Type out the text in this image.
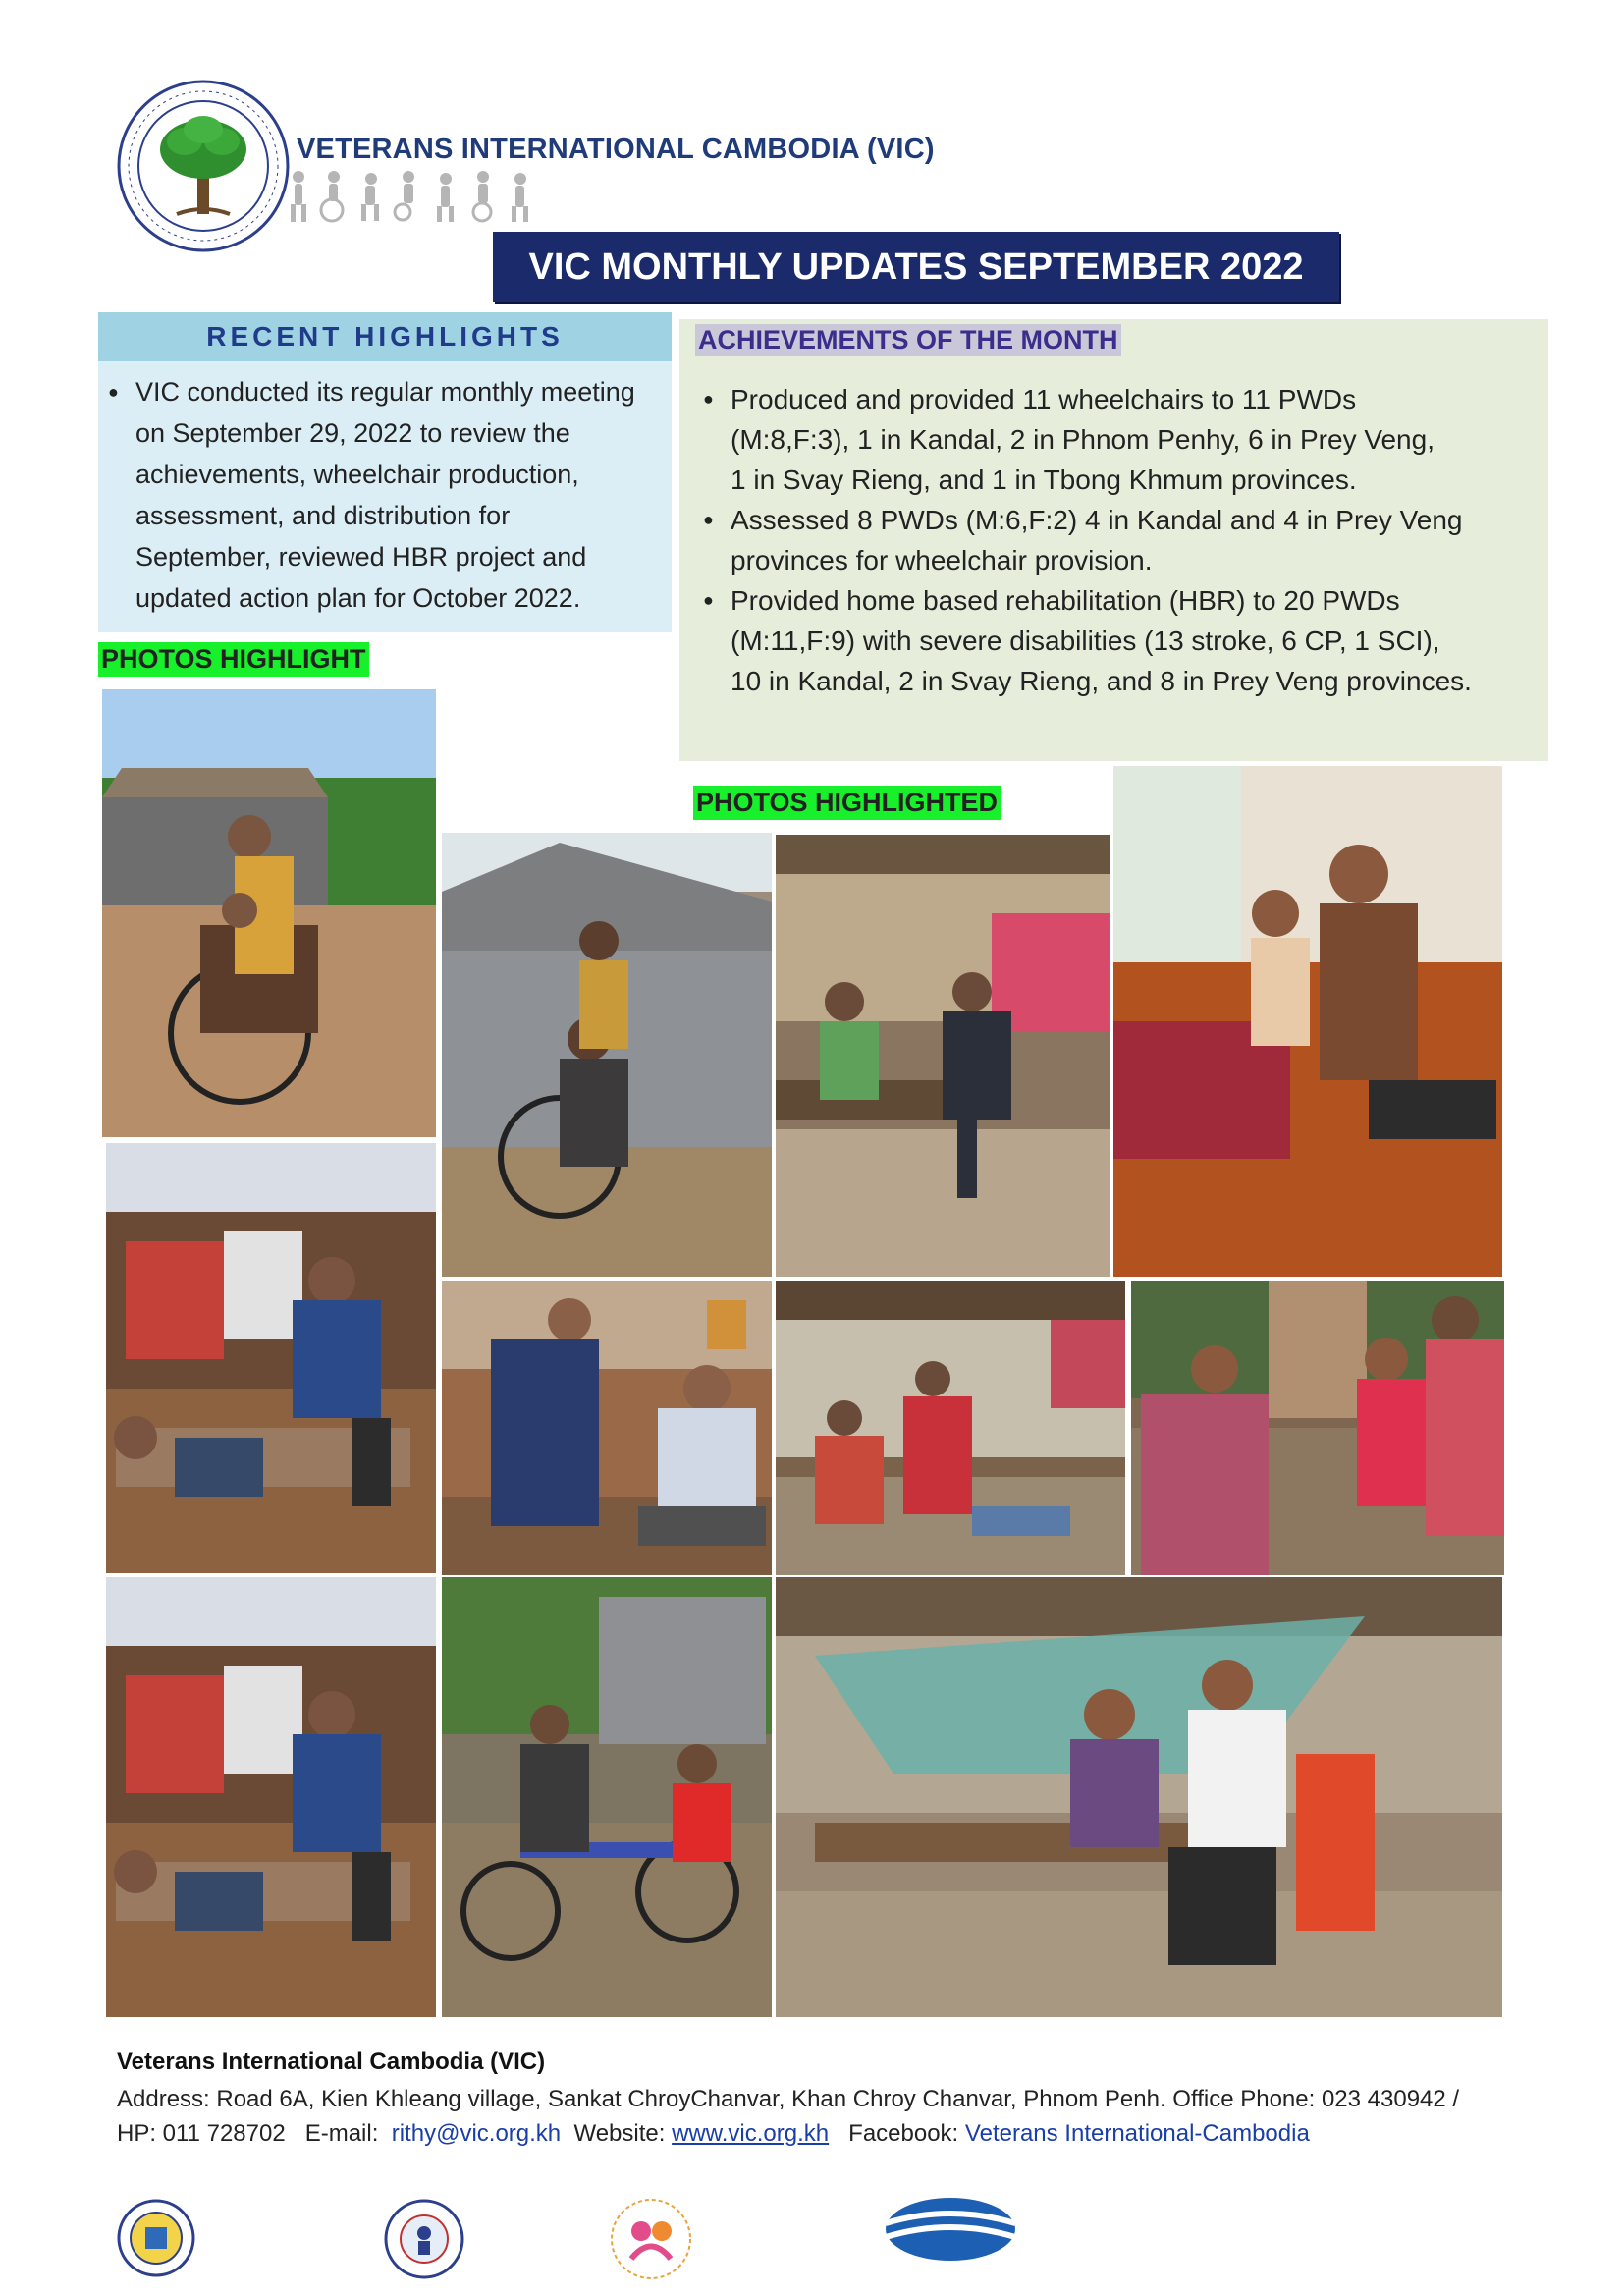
VETERANS INTERNATIONAL CAMBODIA (VIC)
VIC MONTHLY UPDATES SEPTEMBER 2022
RECENT HIGHLIGHTS
● VIC conducted its regular monthly meeting
on September 29, 2022 to review the
achievements, wheelchair production,
assessment, and distribution for
September, reviewed HBR project and
updated action plan for October 2022.
PHOTOS HIGHLIGHT
ACHIEVEMENTS OF THE MONTH
● Produced and provided 11 wheelchairs to 11 PWDs
(M:8,F:3), 1 in Kandal, 2 in Phnom Penhy, 6 in Prey Veng,
1 in Svay Rieng, and 1 in Tbong Khmum provinces.
● Assessed 8 PWDs (M:6,F:2) 4 in Kandal and 4 in Prey Veng
provinces for wheelchair provision.
● Provided home based rehabilitation (HBR) to 20 PWDs
(M:11,F:9) with severe disabilities (13 stroke, 6 CP, 1 SCI),
10 in Kandal, 2 in Svay Rieng, and 8 in Prey Veng provinces.
PHOTOS HIGHLIGHTED
Veterans International Cambodia (VIC)
Address: Road 6A, Kien Khleang village, Sankat ChroyChanvar, Khan Chroy Chanvar, Phnom Penh. Office Phone: 023 430942 /
HP: 011 728702 E-mail: rithy@vic.org.kh Website: www.vic.org.kh Facebook: Veterans International-Cambodia
